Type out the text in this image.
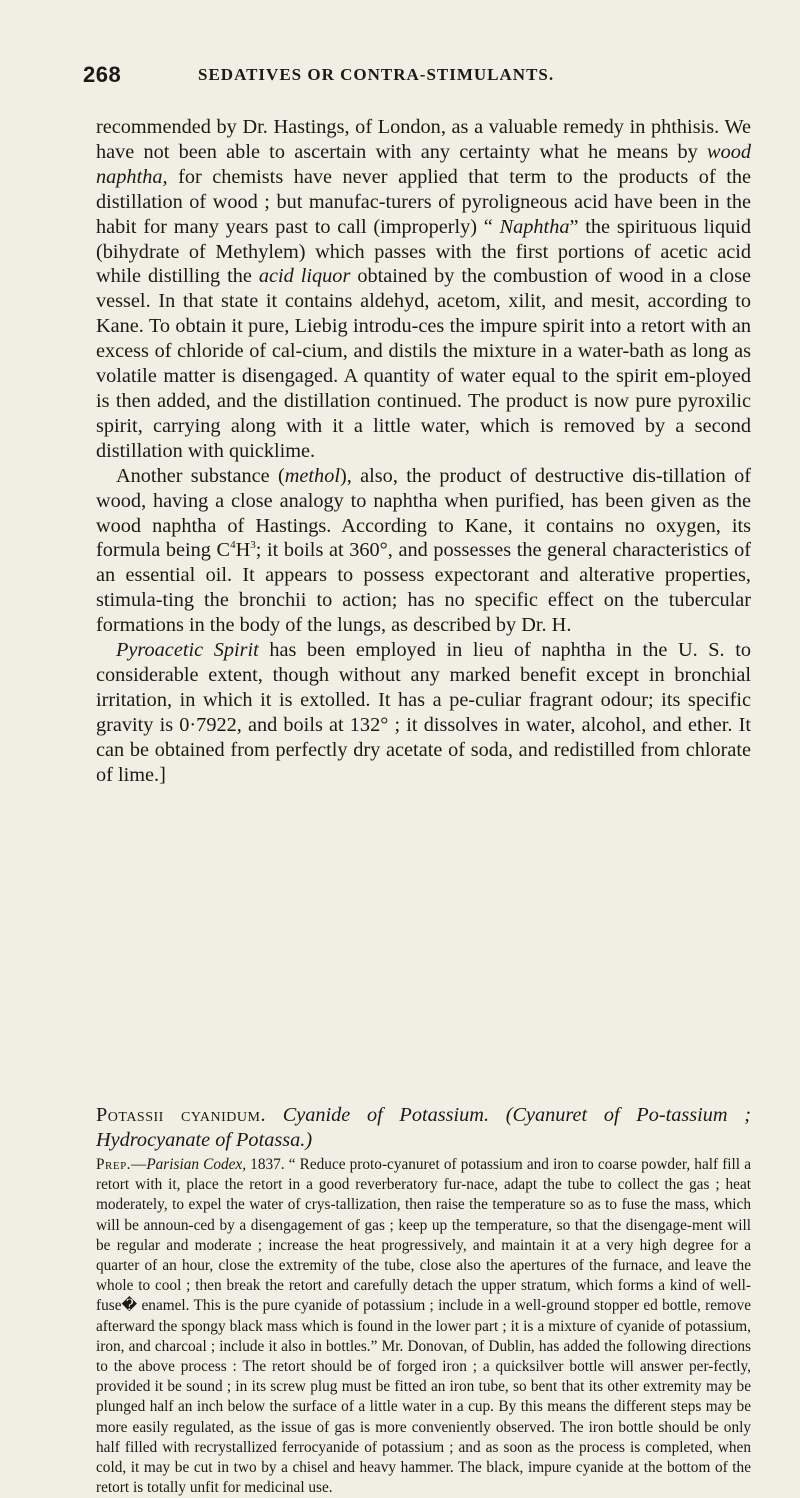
268	SEDATIVES OR CONTRA-STIMULANTS.

recommended by Dr. Hastings, of London, as a valuable remedy in phthisis. We have not been able to ascertain with any certainty what he means by wood naphtha, for chemists have never applied that term to the products of the distillation of wood ; but manufac-turers of pyroligneous acid have been in the habit for many years past to call (improperly) “ Naphtha” the spirituous liquid (bihydrate of Methylem) which passes with the first portions of acetic acid while distilling the acid liquor obtained by the combustion of wood in a close vessel. In that state it contains aldehyd, acetom, xilit, and mesit, according to Kane. To obtain it pure, Liebig introdu-ces the impure spirit into a retort with an excess of chloride of cal-cium, and distils the mixture in a water-bath as long as volatile matter is disengaged. A quantity of water equal to the spirit em-ployed is then added, and the distillation continued. The product is now pure pyroxilic spirit, carrying along with it a little water, which is removed by a second distillation with quicklime.

Another substance (methol), also, the product of destructive dis-tillation of wood, having a close analogy to naphtha when purified, has been given as the wood naphtha of Hastings. According to Kane, it contains no oxygen, its formula being $C^4H^3$; it boils at 360°, and possesses the general characteristics of an essential oil. It appears to possess expectorant and alterative properties, stimula-ting the bronchii to action; has no specific effect on the tubercular formations in the body of the lungs, as described by Dr. H.

Pyroacetic Spirit has been employed in lieu of naphtha in the U. S. to considerable extent, though without any marked benefit except in bronchial irritation, in which it is extolled. It has a pe-culiar fragrant odour; its specific gravity is 0·7922, and boils at 132° ; it dissolves in water, alcohol, and ether. It can be obtained from perfectly dry acetate of soda, and redistilled from chlorate of lime.]

Potassii cyanidum. Cyanide of Potassium. (Cyanuret of Po-tassium ; Hydrocyanate of Potassa.)
Prep.—Parisian Codex, 1837. “ Reduce proto-cyanuret of potassium and iron to coarse powder, half fill a retort with it, place the retort in a good reverberatory fur-nace, adapt the tube to collect the gas ; heat moderately, to expel the water of crys-tallization, then raise the temperature so as to fuse the mass, which will be announ-ced by a disengagement of gas ; keep up the temperature, so that the disengage-ment will be regular and moderate ; increase the heat progressively, and maintain it at a very high degree for a quarter of an hour, close the extremity of the tube, close also the apertures of the furnace, and leave the whole to cool ; then break the retort and carefully detach the upper stratum, which forms a kind of well-fuse� enamel. This is the pure cyanide of potassium ; include in a well-ground stopper ed bottle, remove afterward the spongy black mass which is found in the lower part ; it is a mixture of cyanide of potassium, iron, and charcoal ; include it also in bottles.” Mr. Donovan, of Dublin, has added the following directions to the above process : The retort should be of forged iron ; a quicksilver bottle will answer per-fectly, provided it be sound ; in its screw plug must be fitted an iron tube, so bent that its other extremity may be plunged half an inch below the surface of a little water in a cup. By this means the different steps may be more easily regulated, as the issue of gas is more conveniently observed. The iron bottle should be only half filled with recrystallized ferrocyanide of potassium ; and as soon as the process is completed, when cold, it may be cut in two by a chisel and heavy hammer. The black, impure cyanide at the bottom of the retort is totally unfit for medicinal use.
